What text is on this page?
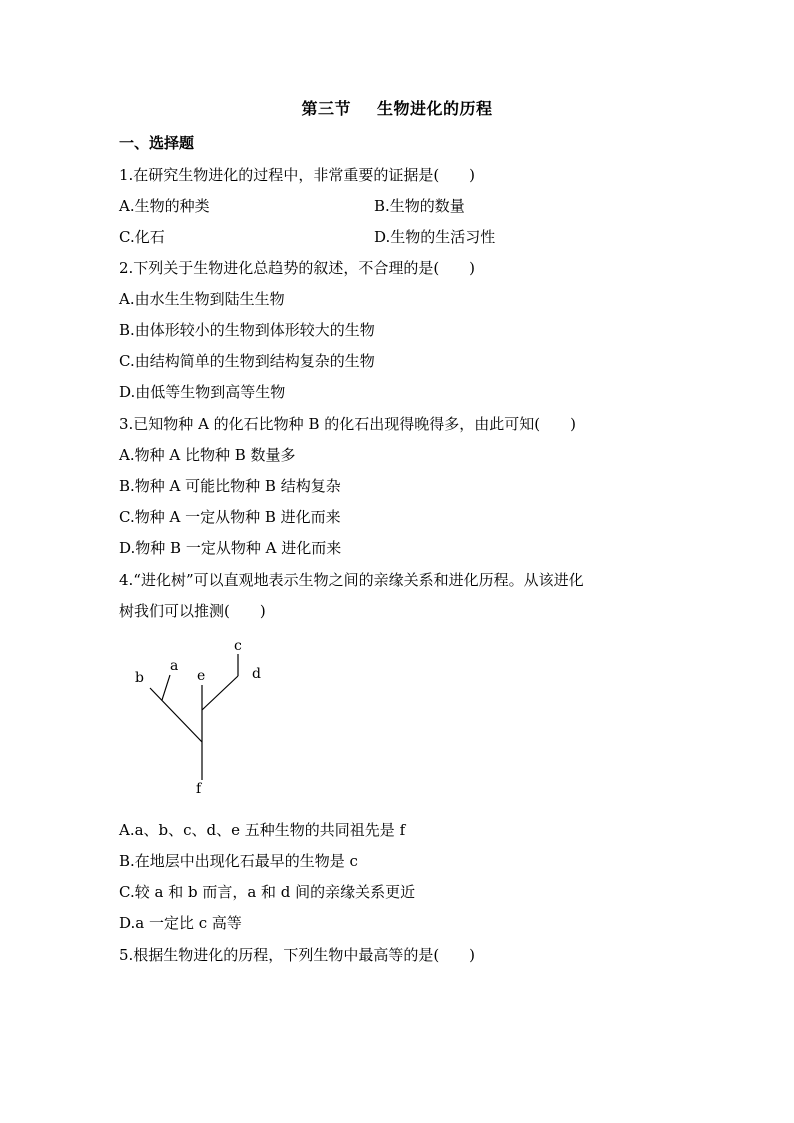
第三节 生物进化的历程
一、选择题
1.在研究生物进化的过程中，非常重要的证据是(　　)
A.生物的种类	B.生物的数量
C.化石	D.生物的生活习性
2.下列关于生物进化总趋势的叙述，不合理的是(　　)
A.由水生生物到陆生生物
B.由体形较小的生物到体形较大的生物
C.由结构简单的生物到结构复杂的生物
D.由低等生物到高等生物
3.已知物种 A 的化石比物种 B 的化石出现得晚得多，由此可知(　　)
A.物种 A 比物种 B 数量多
B.物种 A 可能比物种 B 结构复杂
C.物种 A 一定从物种 B 进化而来
D.物种 B 一定从物种 A 进化而来
4.“进化树”可以直观地表示生物之间的亲缘关系和进化历程。从该进化
树我们可以推测(　　)
b
a
e
c
d
f
A.a、b、c、d、e 五种生物的共同祖先是 f
B.在地层中出现化石最早的生物是 c
C.较 a 和 b 而言，a 和 d 间的亲缘关系更近
D.a 一定比 c 高等
5.根据生物进化的历程，下列生物中最高等的是(　　)
